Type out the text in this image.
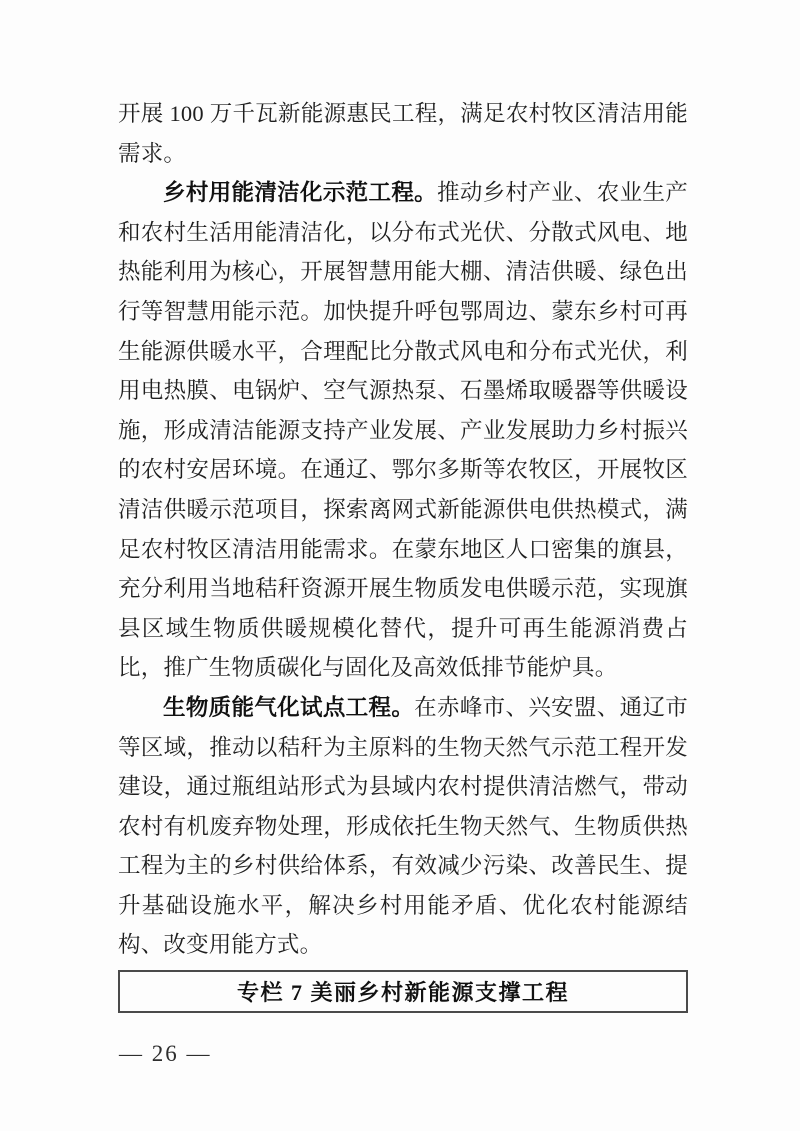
开展 100 万千瓦新能源惠民工程，满足农村牧区清洁用能需求。

乡村用能清洁化示范工程。推动乡村产业、农业生产和农村生活用能清洁化，以分布式光伏、分散式风电、地热能利用为核心，开展智慧用能大棚、清洁供暖、绿色出行等智慧用能示范。加快提升呼包鄂周边、蒙东乡村可再生能源供暖水平，合理配比分散式风电和分布式光伏，利用电热膜、电锅炉、空气源热泵、石墨烯取暖器等供暖设施，形成清洁能源支持产业发展、产业发展助力乡村振兴的农村安居环境。在通辽、鄂尔多斯等农牧区，开展牧区清洁供暖示范项目，探索离网式新能源供电供热模式，满足农村牧区清洁用能需求。在蒙东地区人口密集的旗县，充分利用当地秸秆资源开展生物质发电供暖示范，实现旗县区域生物质供暖规模化替代，提升可再生能源消费占比，推广生物质碳化与固化及高效低排节能炉具。

生物质能气化试点工程。在赤峰市、兴安盟、通辽市等区域，推动以秸秆为主原料的生物天然气示范工程开发建设，通过瓶组站形式为县域内农村提供清洁燃气，带动农村有机废弃物处理，形成依托生物天然气、生物质供热工程为主的乡村供给体系，有效减少污染、改善民生、提升基础设施水平，解决乡村用能矛盾、优化农村能源结构、改变用能方式。

专栏 7 美丽乡村新能源支撑工程
— 26 —
